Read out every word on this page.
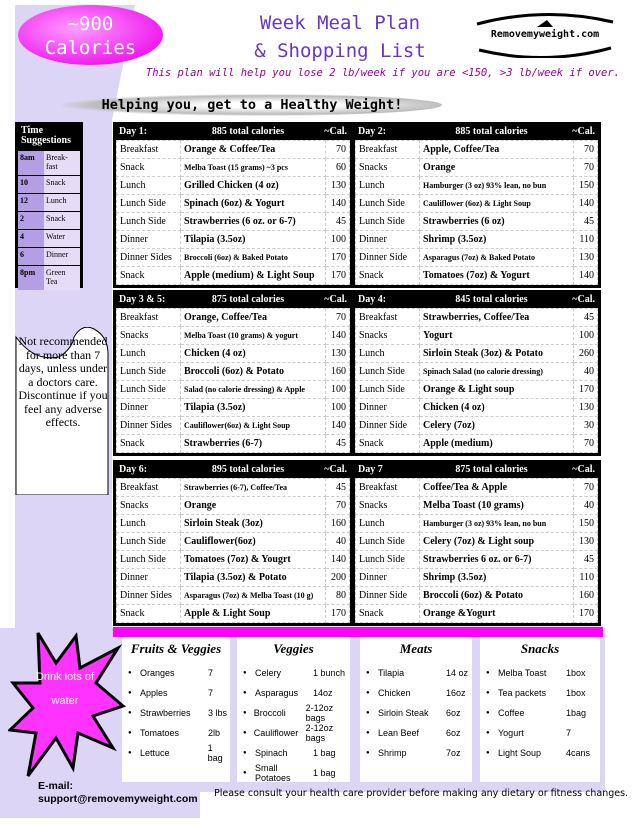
~900
Calories
Week Meal Plan
& Shopping List
Removemyweight.com
This plan will help you lose 2 lb/week if you are <150, >3 lb/week if over.
Helping you, get to a Healthy Weight!
Time Suggestions
8am	Break-fast
10	Snack
12	Lunch
2	Snack
4	Water
6	Dinner
8pm	Green Tea
Not recommended for more than 7 days, unless under a doctors care. Discontinue if you feel any adverse effects.
Day 1:	885 total calories	~Cal.
Breakfast	Orange & Coffee/Tea	70
Snack	Melba Toast (15 grams) ~3 pcs	60
Lunch	Grilled Chicken (4 oz)	130
Lunch Side	Spinach (6oz) & Yogurt	140
Lunch Side	Strawberries (6 oz. or 6-7)	45
Dinner	Tilapia (3.5oz)	100
Dinner Sides	Broccoli (6oz) & Baked Potato	170
Snack	Apple (medium) & Light Soup	170
Day 2:	885 total calories	~Cal.
Breakfast	Apple, Coffee/Tea	70
Snacks	Orange	70
Lunch	Hamburger (3 oz) 93% lean, no bun	150
Lunch Side	Cauliflower (6oz) & Light Soup	140
Lunch Side	Strawberries (6 oz)	45
Dinner	Shrimp (3.5oz)	110
Dinner Side	Asparagus (7oz) & Baked Potato	130
Snack	Tomatoes (7oz) & Yogurt	140
Day 3 & 5:	875 total calories	~Cal.
Breakfast	Orange, Coffee/Tea	70
Snacks	Melba Toast (10 grams) & yogurt	140
Lunch	Chicken (4 oz)	130
Lunch Side	Broccoli (6oz) & Potato	160
Lunch Side	Salad (no calorie dressing) & Apple	100
Dinner	Tilapia (3.5oz)	100
Dinner Sides	Cauliflower(6oz) & Light Soup	140
Snack	Strawberries (6-7)	45
Day 4:	845 total calories	~Cal.
Breakfast	Strawberries, Coffee/Tea	45
Snacks	Yogurt	100
Lunch	Sirloin Steak (3oz) & Potato	260
Lunch Side	Spinach Salad (no calorie dressing)	40
Lunch Side	Orange & Light soup	170
Dinner	Chicken (4 oz)	130
Dinner Side	Celery (7oz)	30
Snack	Apple (medium)	70
Day 6:	895 total calories	~Cal.
Breakfast	Strawberries (6-7), Coffee/Tea	45
Snacks	Orange	70
Lunch	Sirloin Steak (3oz)	160
Lunch Side	Cauliflower(6oz)	40
Lunch Side	Tomatoes (7oz) & Yougrt	140
Dinner	Tilapia (3.5oz) & Potato	200
Dinner Sides	Asparagus (7oz) & Melba Toast (10 g)	80
Snack	Apple & Light Soup	170
Day 7	875 total calories	~Cal.
Breakfast	Coffee/Tea & Apple	70
Snacks	Melba Toast (10 grams)	40
Lunch	Hamburger (3 oz) 93% lean, no bun	150
Lunch Side	Celery (7oz) & Light soup	130
Lunch Side	Strawberries 6 oz. or 6-7)	45
Dinner	Shrimp (3.5oz)	110
Dinner Side	Broccoli (6oz) & Potato	160
Snack	Orange &Yogurt	170
Fruits & Veggies
● Oranges	7
● Apples	7
● Strawberries	3 lbs
● Tomatoes	2lb
● Lettuce	1 bag
Veggies
● Celery	1 bunch
● Asparagus	14oz
● Broccoli	2-12oz bags
● Cauliflower 2-12oz bags
● Spinach	1 bag
● Small Potatoes	1 bag
Meats
● Tilapia	14 oz
● Chicken	16oz
● Sirloin Steak	6oz
● Lean Beef	6oz
● Shrimp	7oz
Snacks
● Melba Toast	1box
● Tea packets	1box
● Coffee	1bag
● Yogurt	7
● Light Soup	4cans
Drink lots of water
E-mail:
support@removemyweight.com Please consult your health care provider before making any dietary or fitness changes.
